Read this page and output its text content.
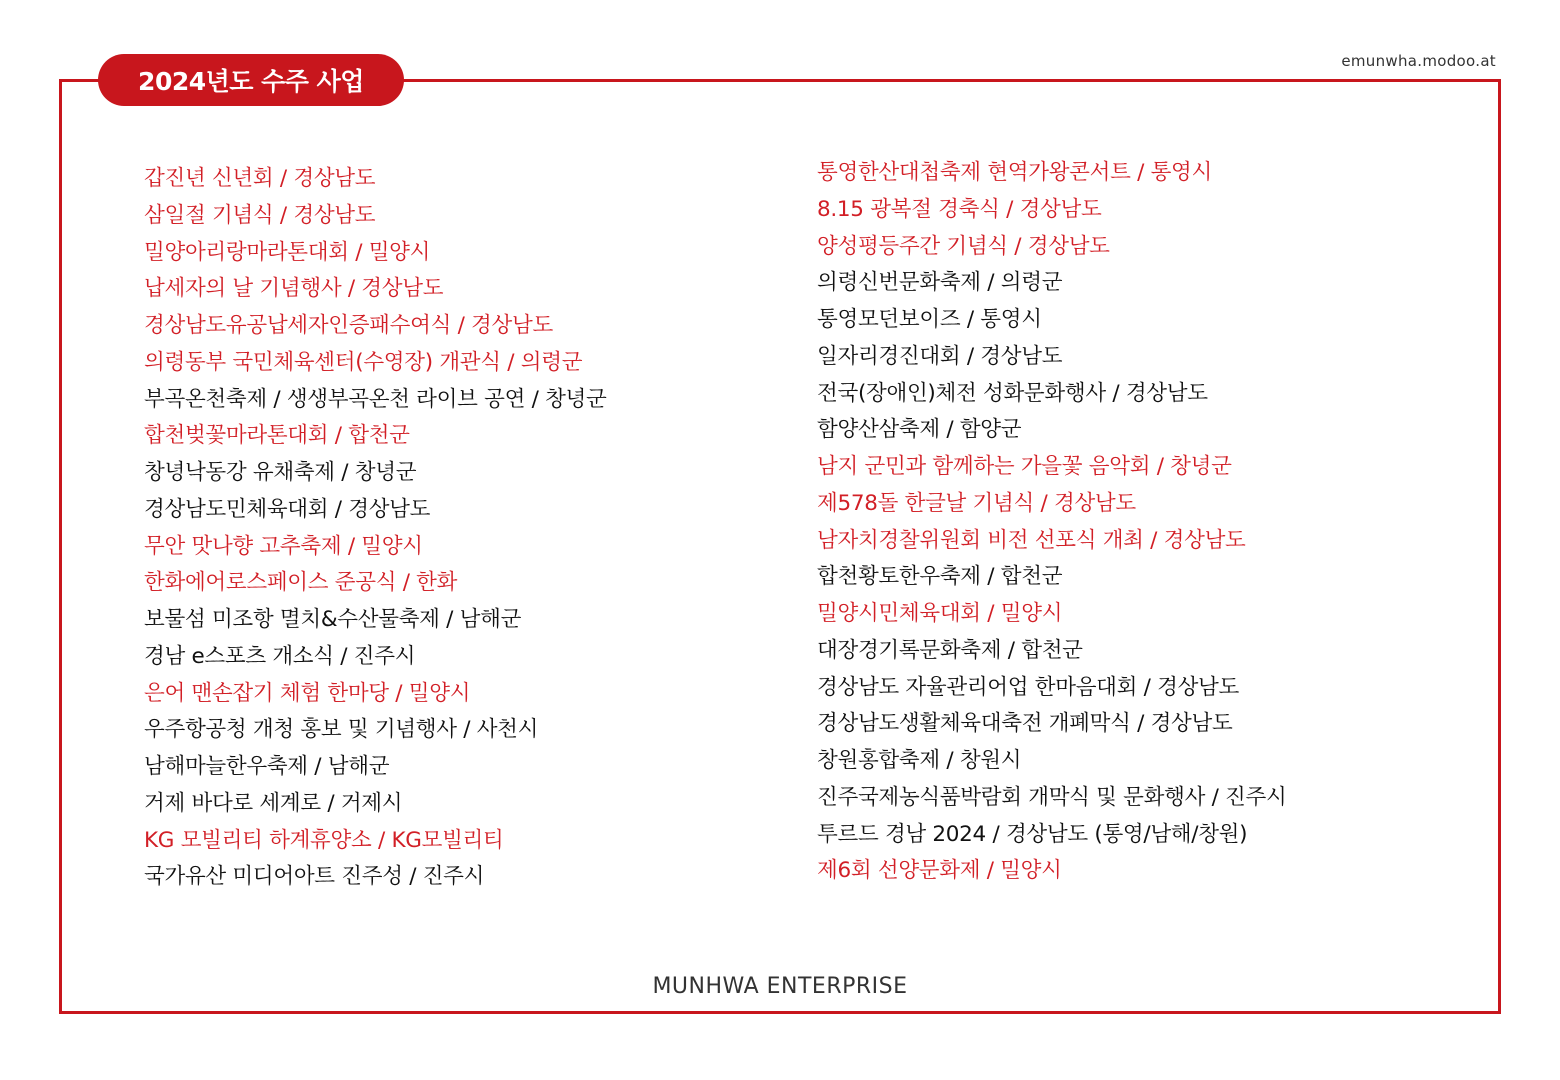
2024년도 수주 사업
emunwha.modoo.at
갑진년 신년회 / 경상남도
삼일절 기념식 / 경상남도
밀양아리랑마라톤대회 / 밀양시
납세자의 날 기념행사 / 경상남도
경상남도유공납세자인증패수여식 / 경상남도
의령동부 국민체육센터(수영장) 개관식 / 의령군
부곡온천축제 / 생생부곡온천 라이브 공연 / 창녕군
합천벚꽃마라톤대회 / 합천군
창녕낙동강 유채축제 / 창녕군
경상남도민체육대회 / 경상남도
무안 맛나향 고추축제 / 밀양시
한화에어로스페이스 준공식 / 한화
보물섬 미조항 멸치&수산물축제 / 남해군
경남 e스포츠 개소식 / 진주시
은어 맨손잡기 체험 한마당 / 밀양시
우주항공청 개청 홍보 및 기념행사 / 사천시
남해마늘한우축제 / 남해군
거제 바다로 세계로 / 거제시
KG 모빌리티 하계휴양소 / KG모빌리티
국가유산 미디어아트 진주성 / 진주시
통영한산대첩축제 현역가왕콘서트 / 통영시
8.15 광복절 경축식 / 경상남도
양성평등주간 기념식 / 경상남도
의령신번문화축제 / 의령군
통영모던보이즈 / 통영시
일자리경진대회 / 경상남도
전국(장애인)체전 성화문화행사 / 경상남도
함양산삼축제 / 함양군
남지 군민과 함께하는 가을꽃 음악회 / 창녕군
제578돌 한글날 기념식 / 경상남도
남자치경찰위원회 비전 선포식 개최 / 경상남도
합천황토한우축제 / 합천군
밀양시민체육대회 / 밀양시
대장경기록문화축제 / 합천군
경상남도 자율관리어업 한마음대회 / 경상남도
경상남도생활체육대축전 개폐막식 / 경상남도
창원홍합축제 / 창원시
진주국제농식품박람회 개막식 및 문화행사 / 진주시
투르드 경남 2024 / 경상남도 (통영/남해/창원)
제6회 선양문화제 / 밀양시
MUNHWA ENTERPRISE
